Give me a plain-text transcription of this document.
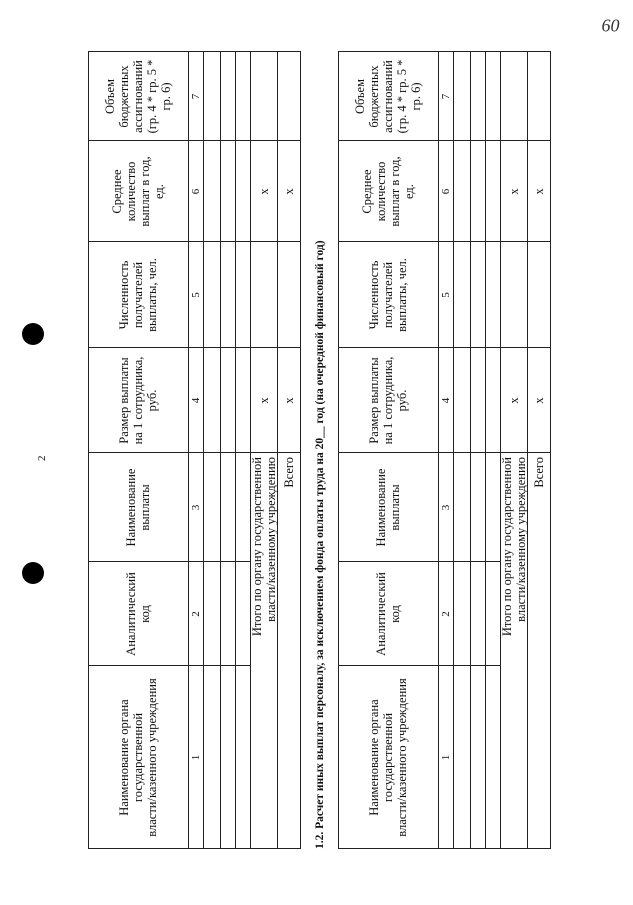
2
60
Наименование органа
государственной
власти/казенного учреждения
Аналитический
код
Наименование
выплаты
Размер выплаты
на 1 сотрудника,
руб.
Численность
получателей
выплаты, чел.
Среднее
количество
выплат в год,
ед.
Объем
бюджетных
ассигнований
(гр. 4 * гр. 5 *
гр. 6)
1
2
3
4
5
6
7
Итого по органу государственной
власти/казенному учреждению
x
x
Всего
x
x
1.2. Расчет иных выплат персоналу, за исключением фонда оплаты труда на 20__ год (на очередной финансовый год)	Наименование органа
государственной
власти/казенного учреждения
Аналитический
код
Наименование
выплаты
Размер выплаты
на 1 сотрудника,
руб.
Численность
получателей
выплаты, чел.
Среднее
количество
выплат в год,
ед.
Объем
бюджетных
ассигнований
(гр. 4 * гр. 5 *
гр. 6)
1
2
3
4
5
6
7
Итого по органу государственной
власти/казенному учреждению
x
x
Всего
x
x
